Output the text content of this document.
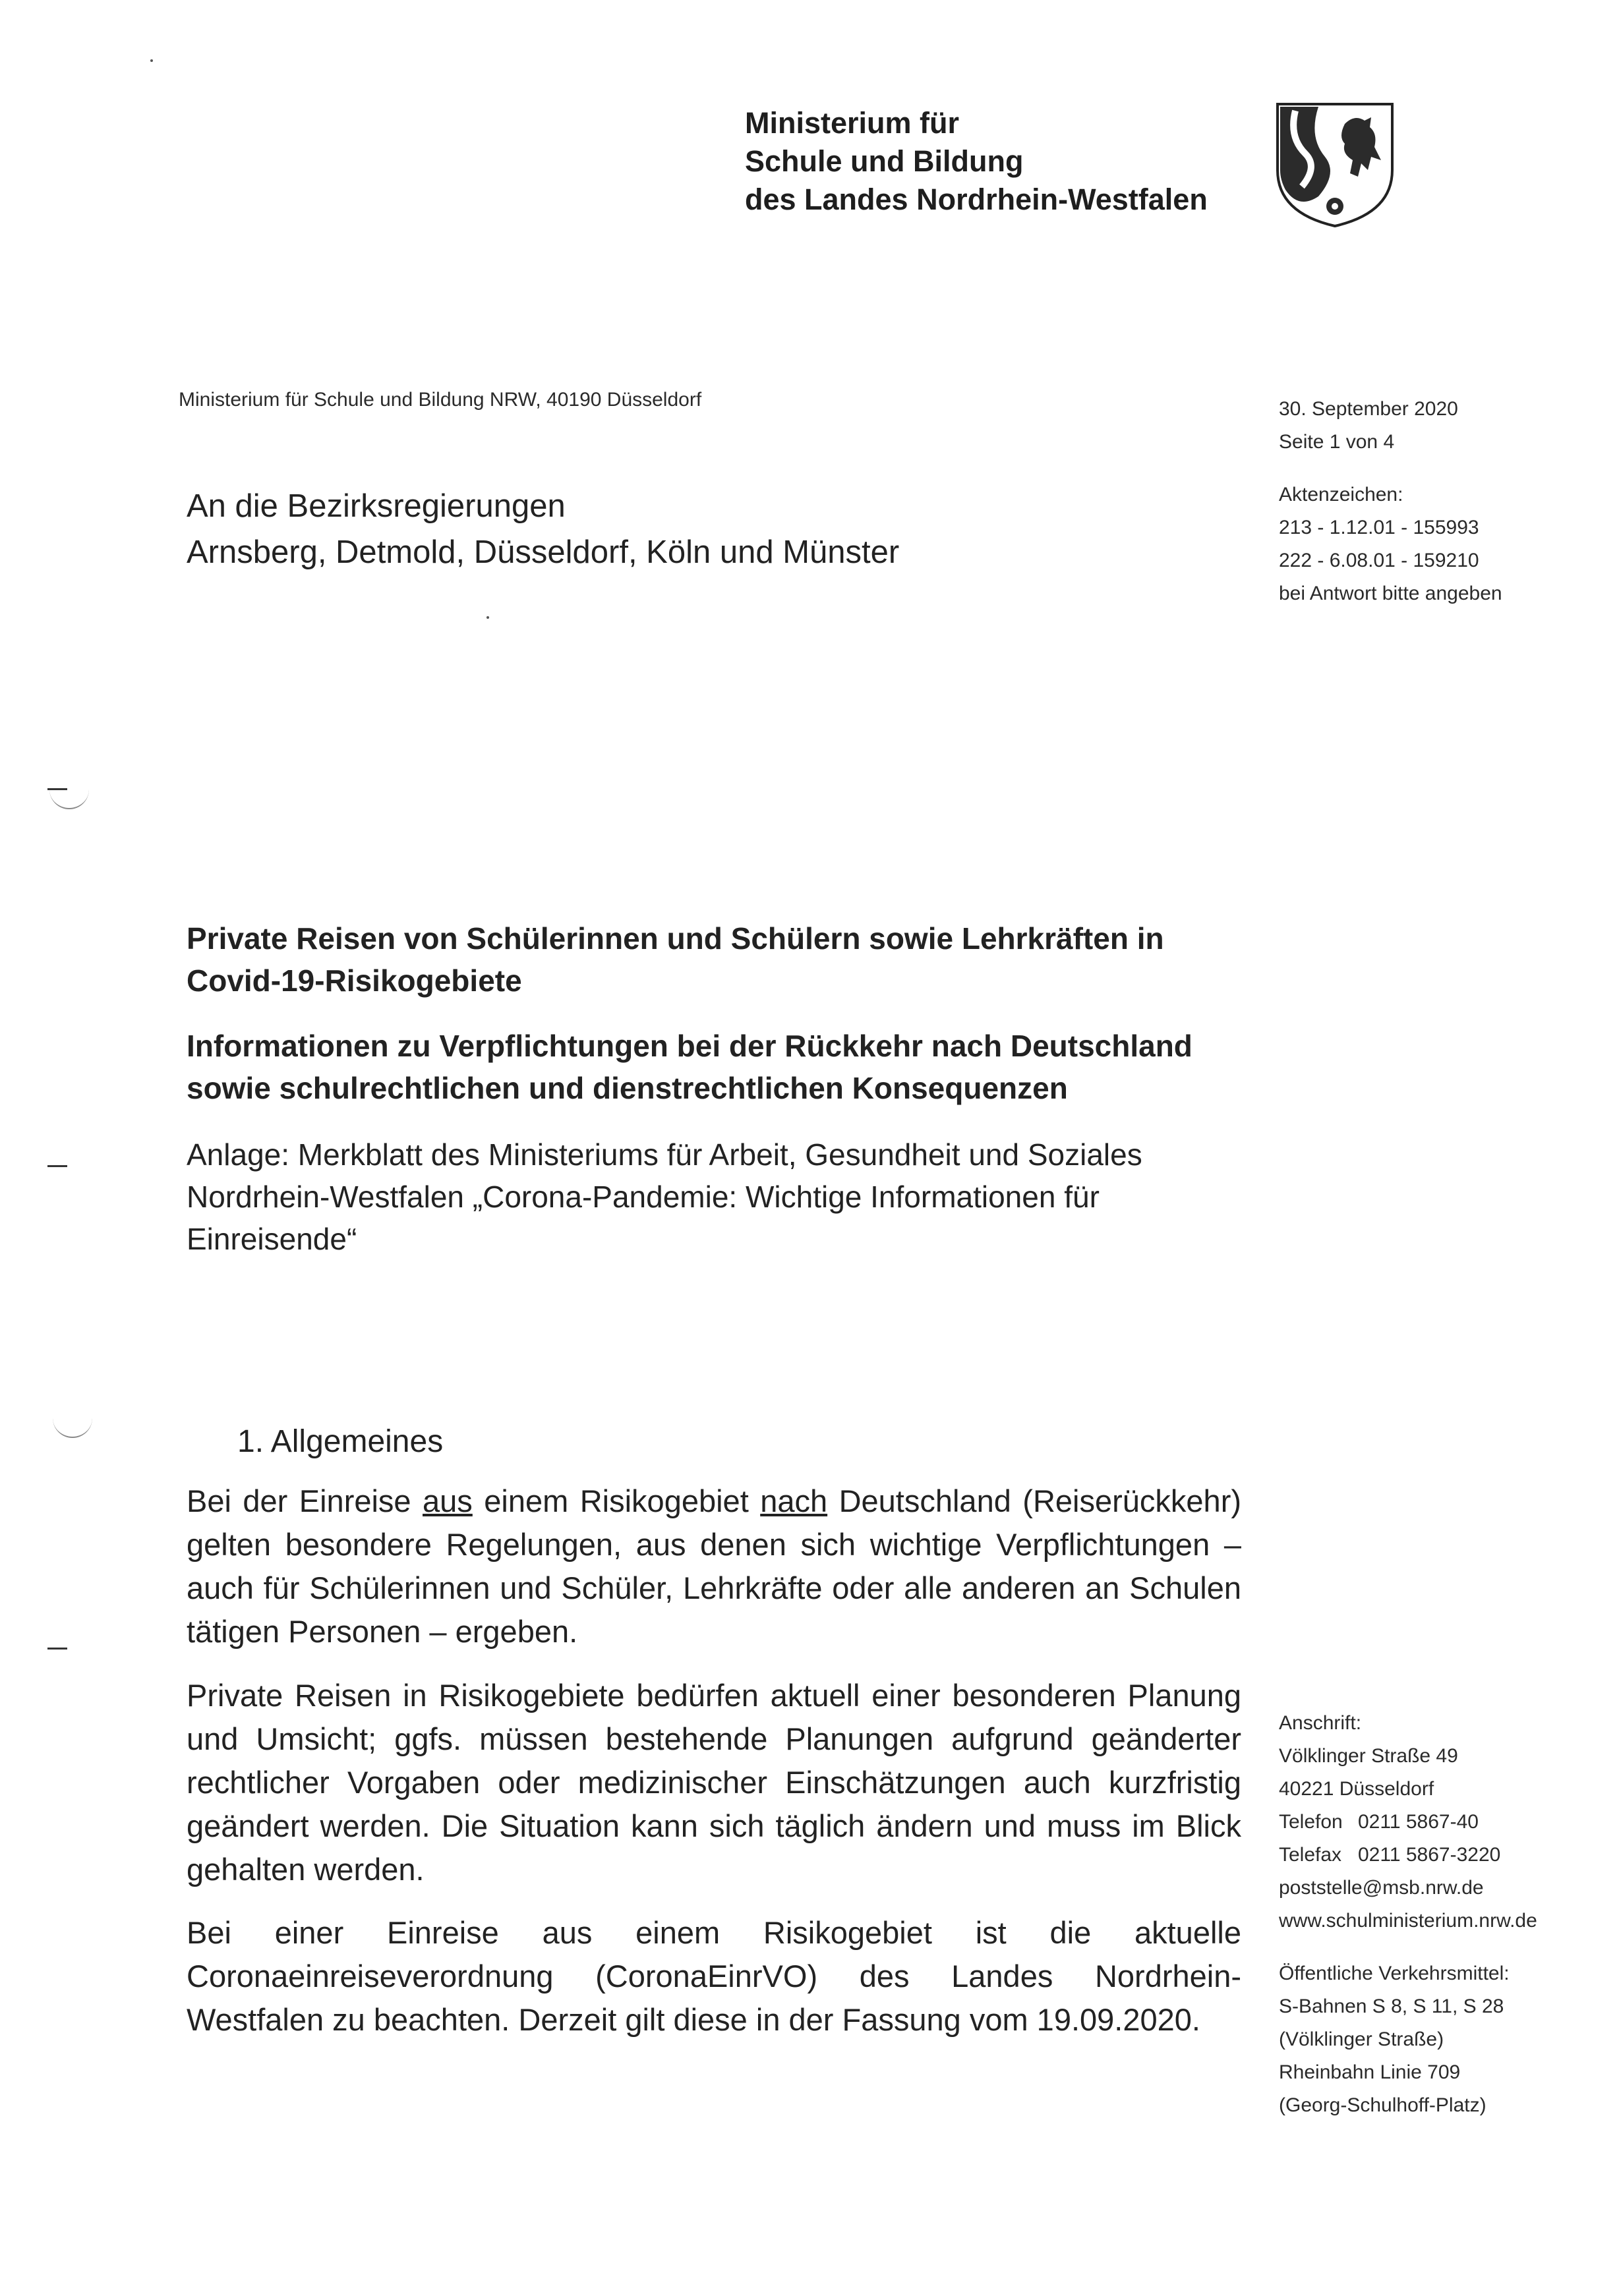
Ministerium für
Schule und Bildung
des Landes Nordrhein-Westfalen
Ministerium für Schule und Bildung NRW, 40190 Düsseldorf	30. September 2020
Seite 1 von 4
Aktenzeichen:
213 - 1.12.01 - 155993
222 - 6.08.01 - 159210
bei Antwort bitte angeben
An die Bezirksregierungen
Arnsberg, Detmold, Düsseldorf, Köln und Münster
Private Reisen von Schülerinnen und Schülern sowie Lehrkräften in Covid-19-Risikogebiete
Informationen zu Verpflichtungen bei der Rückkehr nach Deutschland sowie schulrechtlichen und dienstrechtlichen Konsequenzen
Anlage: Merkblatt des Ministeriums für Arbeit, Gesundheit und Soziales Nordrhein-Westfalen „Corona-Pandemie: Wichtige Informationen für Einreisende“
1. Allgemeines
Bei der Einreise aus einem Risikogebiet nach Deutschland (Reiserückkehr) gelten besondere Regelungen, aus denen sich wichtige Verpflichtungen – auch für Schülerinnen und Schüler, Lehrkräfte oder alle anderen an Schulen tätigen Personen – ergeben.
Private Reisen in Risikogebiete bedürfen aktuell einer besonderen Planung und Umsicht; ggfs. müssen bestehende Planungen aufgrund geänderter rechtlicher Vorgaben oder medizinischer Einschätzungen auch kurzfristig geändert werden. Die Situation kann sich täglich ändern und muss im Blick gehalten werden.
Bei einer Einreise aus einem Risikogebiet ist die aktuelle Coronaeinreiseverordnung (CoronaEinrVO) des Landes Nordrhein-Westfalen zu beachten. Derzeit gilt diese in der Fassung vom 19.09.2020.
Anschrift:
Völklinger Straße 49
40221 Düsseldorf
Telefon 0211 5867-40
Telefax 0211 5867-3220
poststelle@msb.nrw.de
www.schulministerium.nrw.de
Öffentliche Verkehrsmittel:
S-Bahnen S 8, S 11, S 28
(Völklinger Straße)
Rheinbahn Linie 709
(Georg-Schulhoff-Platz)
